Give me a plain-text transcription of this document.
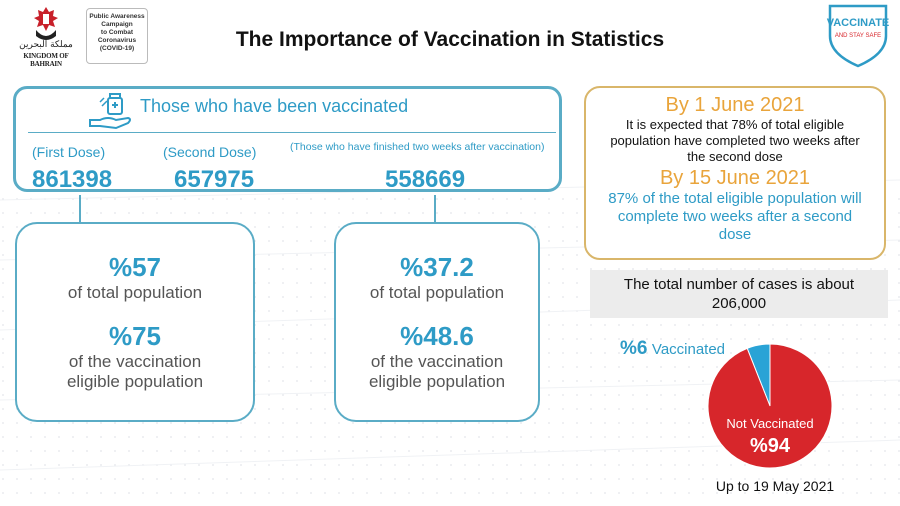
مملكة البحرين
KINGDOM OF BAHRAIN
Public Awareness
Campaign
to Combat
Coronavirus
(COVID-19)	The Importance of Vaccination in Statistics
VACCINATE
AND STAY SAFE
Those who have been vaccinated
(First Dose)	(Second Dose)	(Those who have finished two weeks after vaccination)
861398	657975	558669
%57
of total population
%75
of the vaccination
eligible population
%37.2
of total population
%48.6
of the vaccination
eligible population
By 1 June 2021
It is expected that 78% of total eligible
population have completed two weeks after
the second dose
By 15 June 2021
87% of the total eligible population will
complete two weeks after a second
dose
The total number of cases is about
206,000
%6 Vaccinated
Not Vaccinated
%94
Up to 19 May 2021
